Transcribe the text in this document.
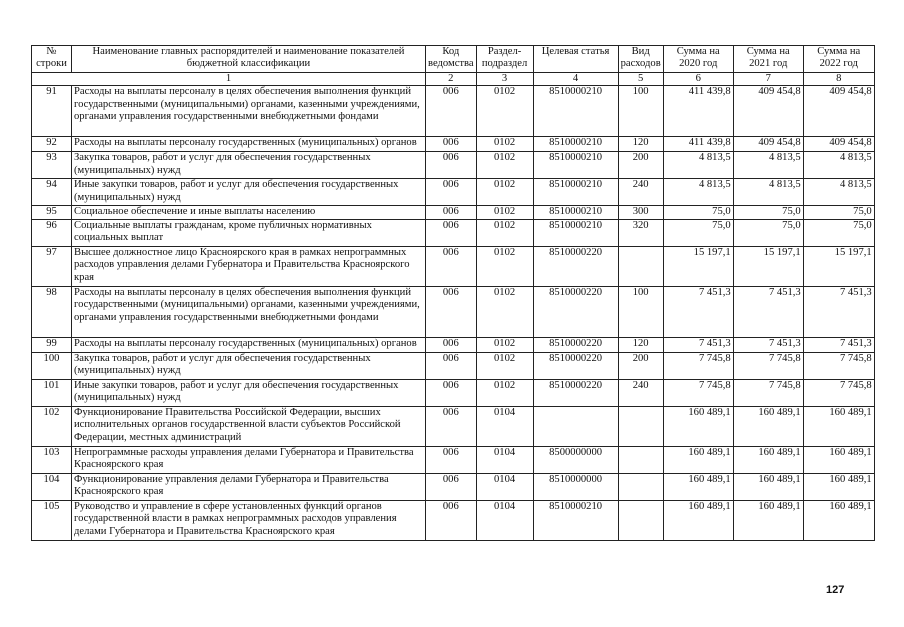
№ строки	Наименование главных распорядителей и наименование показателей бюджетной классификации	Код ведомства	Раздел-подраздел	Целевая статья	Вид расходов	Сумма на 2020 год	Сумма на 2021 год	Сумма на 2022 год
1		2	3	4	5	6	7	8
91	Расходы на выплаты персоналу в целях обеспечения выполнения функций государственными (муниципальными) органами, казенными учреждениями, органами управления государственными внебюджетными фондами	006	0102	8510000210	100	411 439,8	409 454,8	409 454,8
92	Расходы на выплаты персоналу государственных (муниципальных) органов	006	0102	8510000210	120	411 439,8	409 454,8	409 454,8
93	Закупка товаров, работ и услуг для обеспечения государственных (муниципальных) нужд	006	0102	8510000210	200	4 813,5	4 813,5	4 813,5
94	Иные закупки товаров, работ и услуг для обеспечения государственных (муниципальных) нужд	006	0102	8510000210	240	4 813,5	4 813,5	4 813,5
95	Социальное обеспечение и иные выплаты населению	006	0102	8510000210	300	75,0	75,0	75,0
96	Социальные выплаты гражданам, кроме публичных нормативных социальных выплат	006	0102	8510000210	320	75,0	75,0	75,0
97	Высшее должностное лицо Красноярского края в рамках непрограммных расходов управления делами Губернатора и Правительства Красноярского края	006	0102	8510000220		15 197,1	15 197,1	15 197,1
98	Расходы на выплаты персоналу в целях обеспечения выполнения функций государственными (муниципальными) органами, казенными учреждениями, органами управления государственными внебюджетными фондами	006	0102	8510000220	100	7 451,3	7 451,3	7 451,3
99	Расходы на выплаты персоналу государственных (муниципальных) органов	006	0102	8510000220	120	7 451,3	7 451,3	7 451,3
100	Закупка товаров, работ и услуг для обеспечения государственных (муниципальных) нужд	006	0102	8510000220	200	7 745,8	7 745,8	7 745,8
101	Иные закупки товаров, работ и услуг для обеспечения государственных (муниципальных) нужд	006	0102	8510000220	240	7 745,8	7 745,8	7 745,8
102	Функционирование Правительства Российской Федерации, высших исполнительных органов государственной власти субъектов Российской Федерации, местных администраций	006	0104			160 489,1	160 489,1	160 489,1
103	Непрограммные расходы управления делами Губернатора и Правительства Красноярского края	006	0104	8500000000		160 489,1	160 489,1	160 489,1
104	Функционирование управления делами Губернатора и Правительства Красноярского края	006	0104	8510000000		160 489,1	160 489,1	160 489,1
105	Руководство и управление в сфере установленных функций органов государственной власти в рамках непрограммных расходов управления делами Губернатора и Правительства Красноярского края	006	0104	8510000210		160 489,1	160 489,1	160 489,1
127
